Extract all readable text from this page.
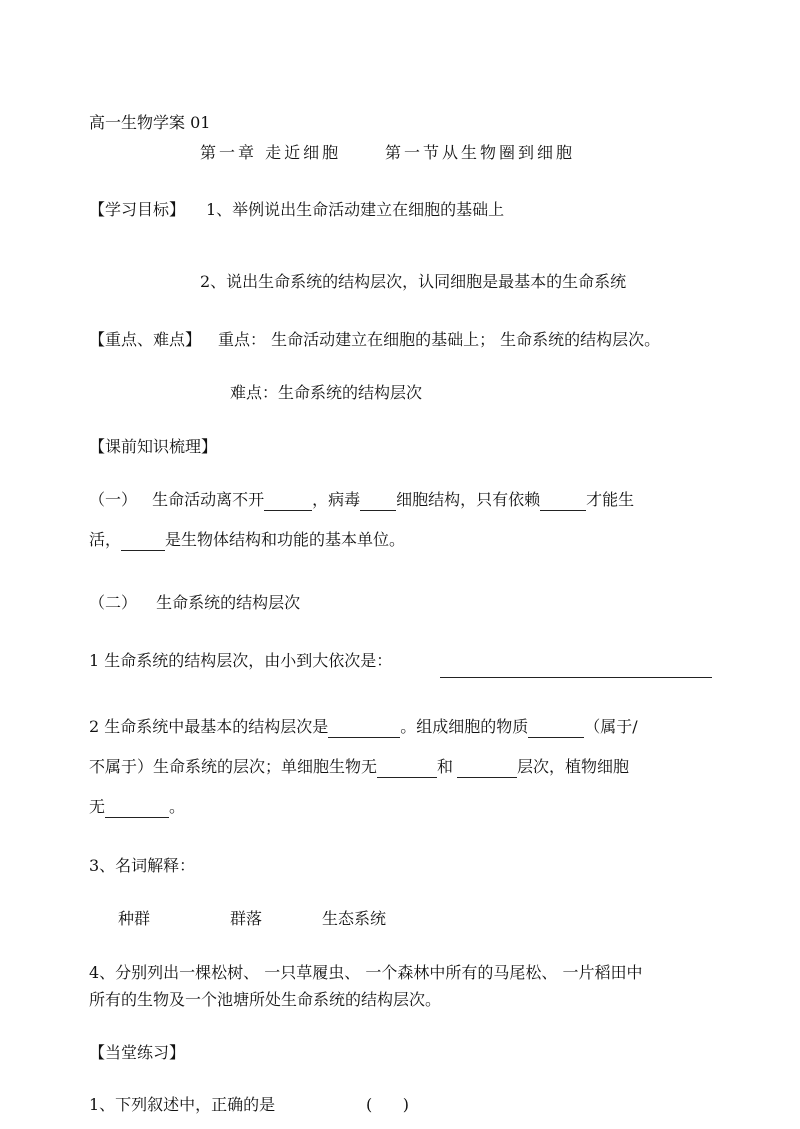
高一生物学案 01
第一章 走近细胞	第一节从生物圈到细胞
【学习目标】 1、举例说出生命活动建立在细胞的基础上
2、说出生命系统的结构层次，认同细胞是最基本的生命系统
【重点、难点】 重点： 生命活动建立在细胞的基础上； 生命系统的结构层次。
难点：生命系统的结构层次
【课前知识梳理】
（一） 生命活动离不开	，病毒 细胞结构，只有依赖	才能生
活，	是生物体结构和功能的基本单位。
（二） 生命系统的结构层次
1 生命系统的结构层次，由小到大依次是：
2 生命系统中最基本的结构层次是	。组成细胞的物质	（属于/
不属于）生命系统的层次；单细胞生物无	和	层次，植物细胞
无	。
3、名词解释：
种群	群落	生态系统
4、分别列出一棵松树、 一只草履虫、 一个森林中所有的马尾松、 一片稻田中
所有的生物及一个池塘所处生命系统的结构层次。
【当堂练习】
1、下列叙述中，正确的是	(      )
